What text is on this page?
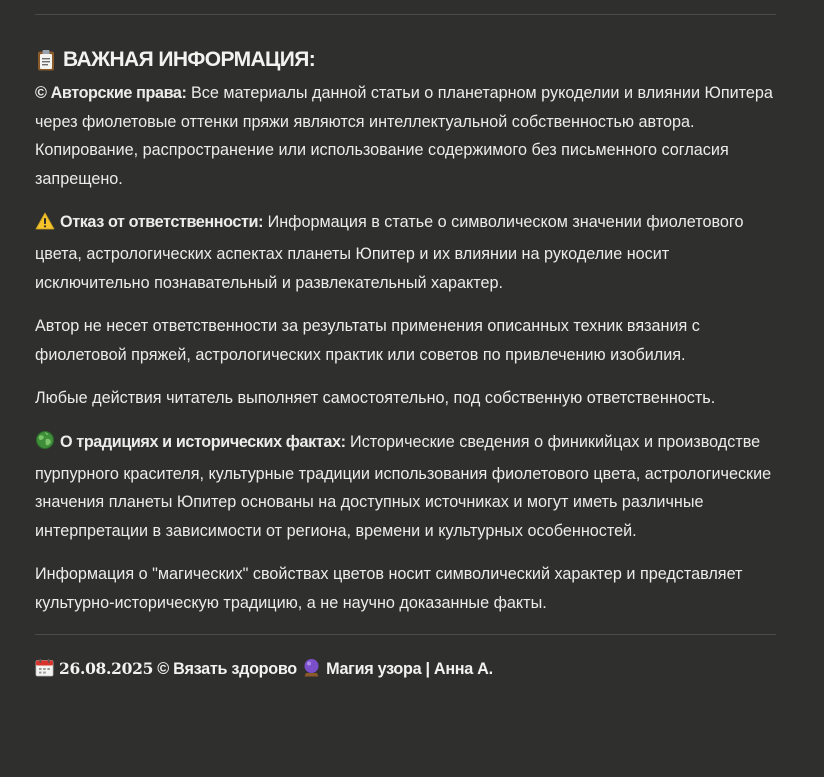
ВАЖНАЯ ИНФОРМАЦИЯ:

© Авторские права: Все материалы данной статьи о планетарном рукоделии и влиянии Юпитера через фиолетовые оттенки пряжи являются интеллектуальной собственностью автора. Копирование, распространение или использование содержимого без письменного согласия запрещено.

Отказ от ответственности: Информация в статье о символическом значении фиолетового цвета, астрологических аспектах планеты Юпитер и их влиянии на рукоделие носит исключительно познавательный и развлекательный характер.

Автор не несет ответственности за результаты применения описанных техник вязания с фиолетовой пряжей, астрологических практик или советов по привлечению изобилия.

Любые действия читатель выполняет самостоятельно, под собственную ответственность.

О традициях и исторических фактах: Исторические сведения о финикийцах и производстве пурпурного красителя, культурные традиции использования фиолетового цвета, астрологические значения планеты Юпитер основаны на доступных источниках и могут иметь различные интерпретации в зависимости от региона, времени и культурных особенностей.

Информация о "магических" свойствах цветов носит символический характер и представляет культурно-историческую традицию, а не научно доказанные факты.

26.08.2025 © Вязать здорово Магия узора | Анна А.
